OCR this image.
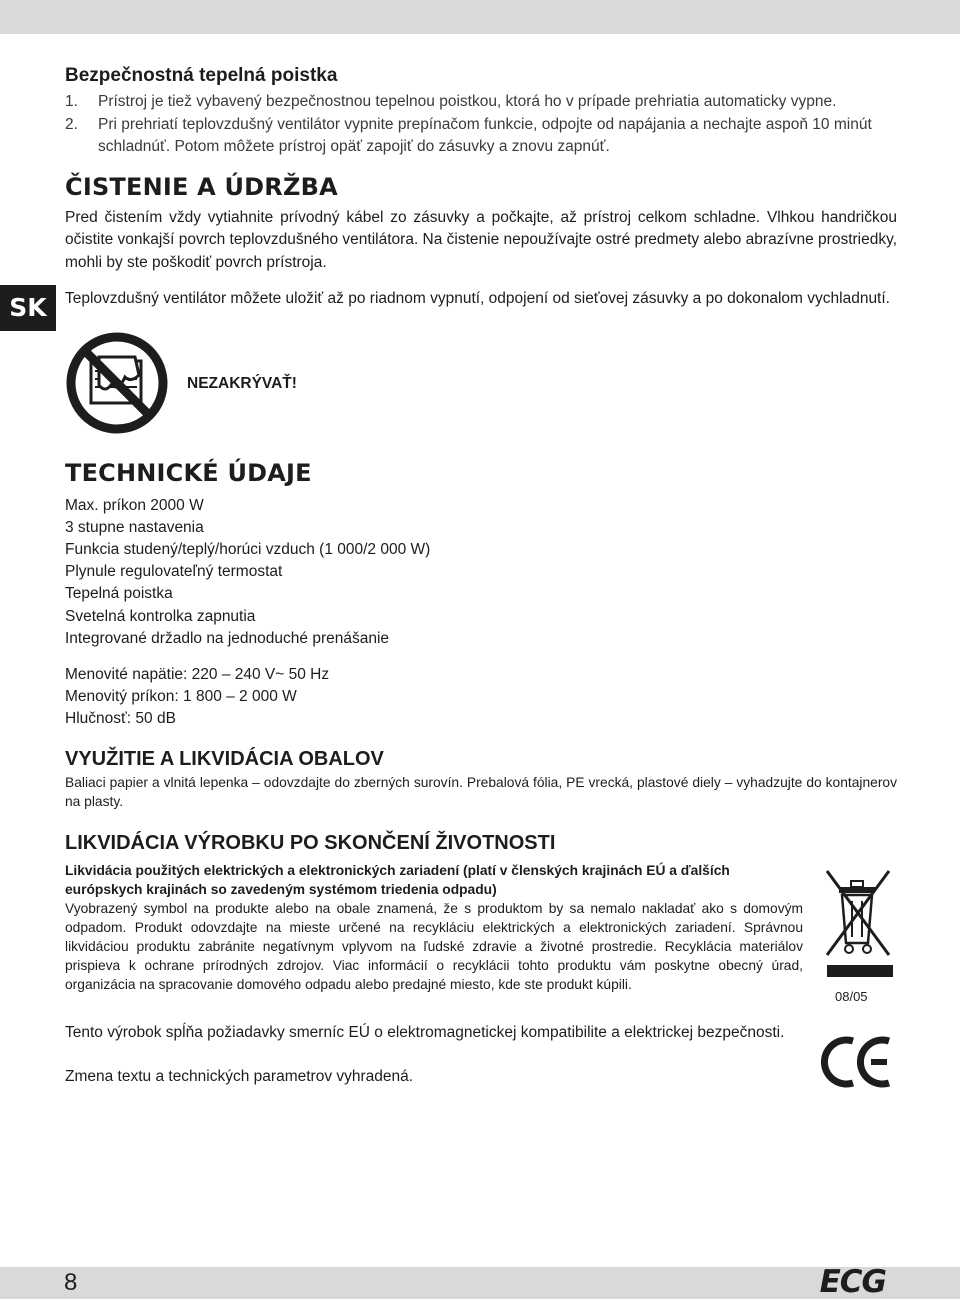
SK
Bezpečnostná tepelná poistka
1. Prístroj je tiež vybavený bezpečnostnou tepelnou poistkou, ktorá ho v prípade prehriatia automaticky vypne.
2. Pri prehriatí teplovzdušný ventilátor vypnite prepínačom funkcie, odpojte od napájania a nechajte aspoň 10 minút schladnúť. Potom môžete prístroj opäť zapojiť do zásuvky a znovu zapnúť.
ČISTENIE A ÚDRŽBA

Pred čistením vždy vytiahnite prívodný kábel zo zásuvky a počkajte, až prístroj celkom schladne. Vlhkou handričkou očistite vonkajší povrch teplovzdušného ventilátora. Na čistenie nepoužívajte ostré predmety alebo abrazívne prostriedky, mohli by ste poškodiť povrch prístroja.

Teplovzdušný ventilátor môžete uložiť až po riadnom vypnutí, odpojení od sieťovej zásuvky a po dokonalom vychladnutí.

NEZAKRÝVAŤ!
TECHNICKÉ ÚDAJE

Max. príkon 2000 W

3 stupne nastavenia

Funkcia studený/teplý/horúci vzduch (1 000/2 000 W)

Plynule regulovateľný termostat

Tepelná poistka

Svetelná kontrolka zapnutia

Integrované držadlo na jednoduché prenášanie

Menovité napätie: 220 – 240 V~ 50 Hz

Menovitý príkon: 1 800 – 2 000 W

Hlučnosť: 50 dB

VYUŽITIE A LIKVIDÁCIA OBALOV

Baliaci papier a vlnitá lepenka – odovzdajte do zberných surovín. Prebalová fólia, PE vrecká, plastové diely – vyhadzujte do kontajnerov na plasty.

LIKVIDÁCIA VÝROBKU PO SKONČENÍ ŽIVOTNOSTI

Likvidácia použitých elektrických a elektronických zariadení (platí v členských krajinách EÚ a ďalších európskych krajinách so zavedeným systémom triedenia odpadu)

Vyobrazený symbol na produkte alebo na obale znamená, že s produktom by sa nemalo nakladať ako s domovým odpadom. Produkt odovzdajte na mieste určené na recykláciu elektrických a elektronických zariadení. Správnou likvidáciou produktu zabránite negatívnym vplyvom na ľudské zdravie a životné prostredie. Recyklácia materiálov prispieva k ochrane prírodných zdrojov. Viac informácií o recyklácii tohto produktu vám poskytne obecný úrad, organizácia na spracovanie domového odpadu alebo predajné miesto, kde ste produkt kúpili.

08/05

Tento výrobok spĺňa požiadavky smerníc EÚ o elektromagnetickej kompatibilite a elektrickej bezpečnosti.

Zmena textu a technických parametrov vyhradená.

8	ECG
